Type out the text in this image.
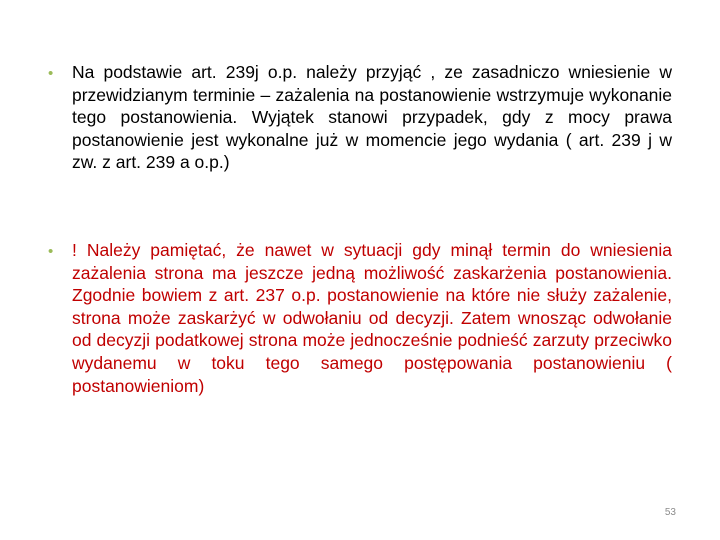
• Na podstawie art. 239j o.p. należy przyjąć , ze zasadniczo wniesienie w przewidzianym terminie – zażalenia na postanowienie wstrzymuje wykonanie tego postanowienia. Wyjątek stanowi przypadek, gdy z mocy prawa postanowienie jest wykonalne już w momencie jego wydania ( art. 239 j w zw. z art. 239 a o.p.)
• ! Należy pamiętać, że nawet w sytuacji gdy minął termin do wniesienia zażalenia strona ma jeszcze jedną możliwość zaskarżenia postanowienia. Zgodnie bowiem z art. 237 o.p. postanowienie na które nie służy zażalenie, strona może zaskarżyć w odwołaniu od decyzji. Zatem wnosząc odwołanie od decyzji podatkowej strona może jednocześnie podnieść zarzuty przeciwko wydanemu w toku tego samego postępowania postanowieniu ( postanowieniom)
53
